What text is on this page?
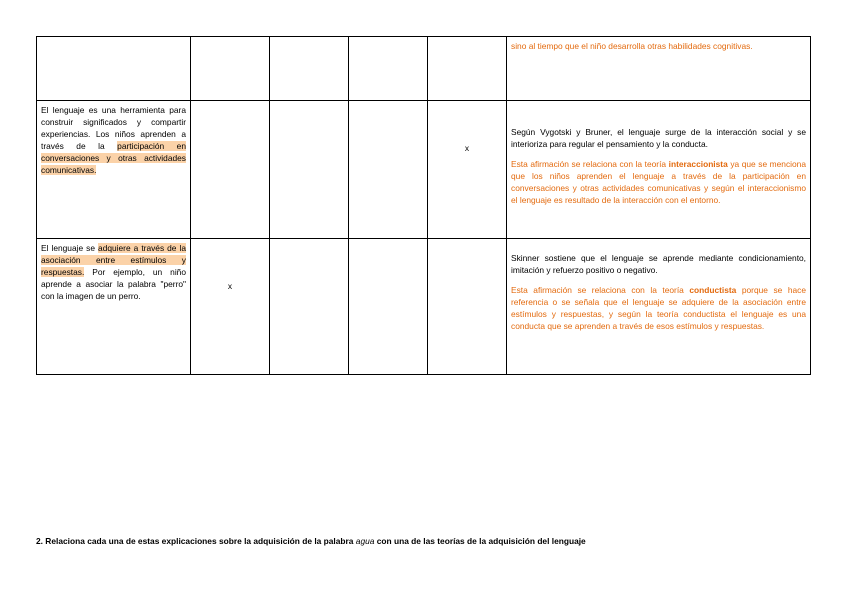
					sino al tiempo que el niño desarrolla otras habilidades cognitivas.

El lenguaje es una herramienta para construir significados y compartir experiencias. Los niños aprenden a través de la participación en conversaciones y otras actividades comunicativas.				x	Según Vygotski y Bruner, el lenguaje surge de la interacción social y se interioriza para regular el pensamiento y la conducta.

Esta afirmación se relaciona con la teoría interaccionista ya que se menciona que los niños aprenden el lenguaje a través de la participación en conversaciones y otras actividades comunicativas y según el interaccionismo el lenguaje es resultado de la interacción con el entorno.

El lenguaje se adquiere a través de la asociación entre estímulos y respuestas. Por ejemplo, un niño aprende a asociar la palabra "perro" con la imagen de un perro.	x				Skinner sostiene que el lenguaje se aprende mediante condicionamiento, imitación y refuerzo positivo o negativo.

Esta afirmación se relaciona con la teoría conductista porque se hace referencia o se señala que el lenguaje se adquiere de la asociación entre estímulos y respuestas, y según la teoría conductista el lenguaje es una conducta que se aprenden a través de esos estímulos y respuestas.

2. Relaciona cada una de estas explicaciones sobre la adquisición de la palabra agua con una de las teorías de la adquisición del lenguaje
